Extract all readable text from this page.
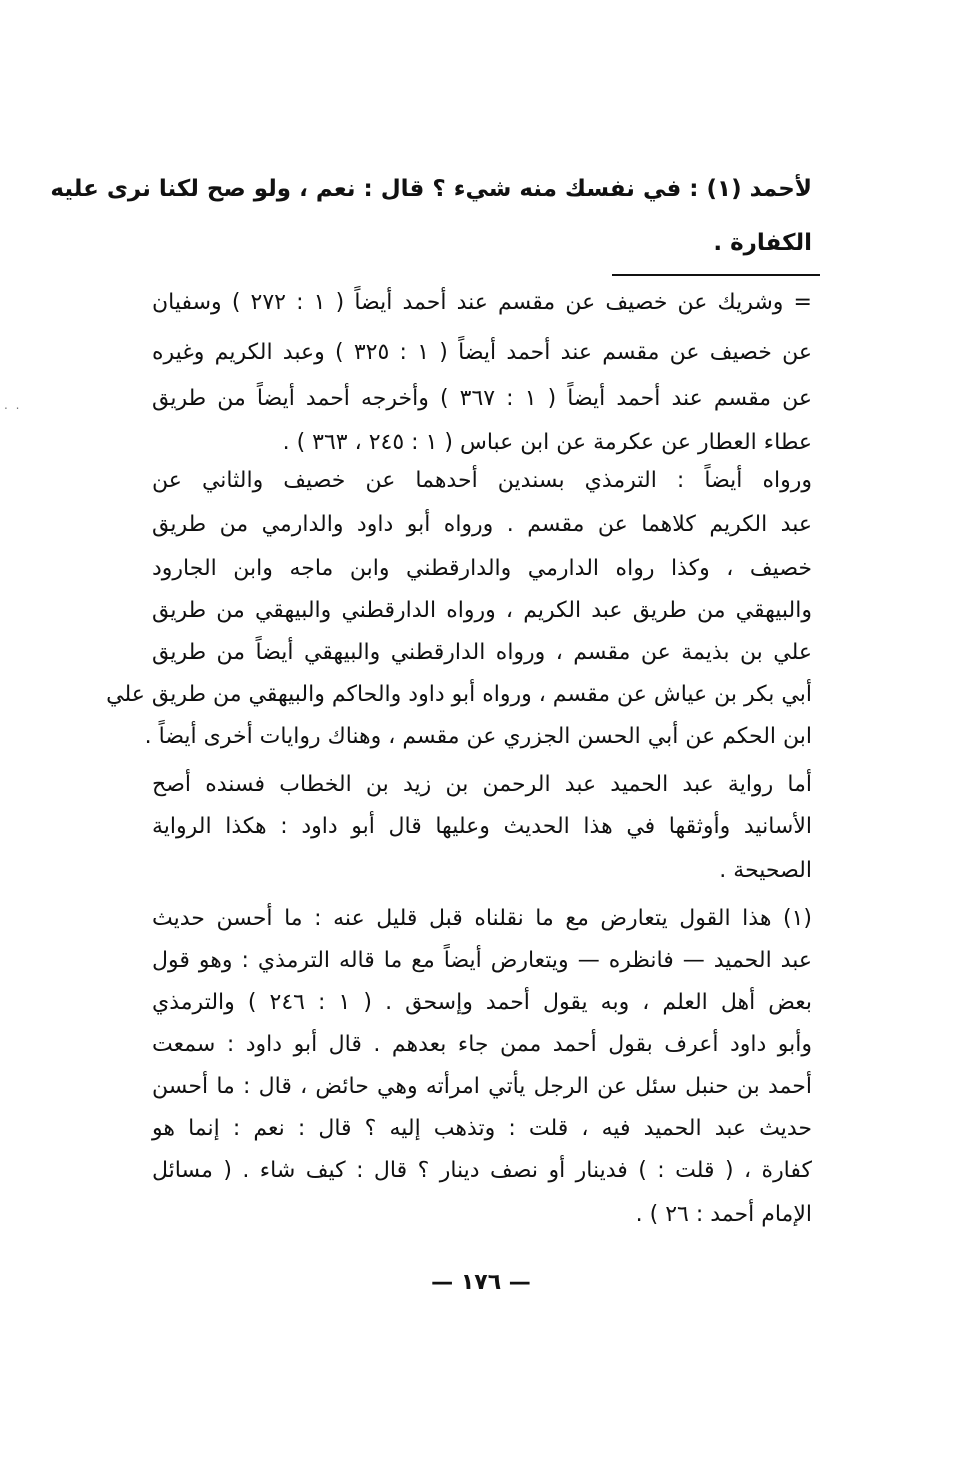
لأحمد (١) : في نفسك منه شيء ؟ قال : نعم ، ولو صح لكنا نرى عليه
الكفارة .
= وشريك عن خصيف عن مقسم عند أحمد أيضاً ( ١ : ٢٧٢ ) وسفيان
عن خصيف عن مقسم عند أحمد أيضاً ( ١ : ٣٢٥ ) وعبد الكريم وغيره
عن مقسم عند أحمد أيضاً ( ١ : ٣٦٧ ) وأخرجه أحمد أيضاً من طريق
عطاء العطار عن عكرمة عن ابن عباس ( ١ : ٢٤٥ ، ٣٦٣ ) .
ورواه أيضاً : الترمذي بسندين أحدهما عن خصيف والثاني عن
عبد الكريم كلاهما عن مقسم . ورواه أبو داود والدارمي من طريق
خصيف ، وكذا رواه الدارمي والدارقطني وابن ماجه وابن الجارود
والبيهقي من طريق عبد الكريم ، ورواه الدارقطني والبيهقي من طريق
علي بن بذيمة عن مقسم ، ورواه الدارقطني والبيهقي أيضاً من طريق
أبي بكر بن عياش عن مقسم ، ورواه أبو داود والحاكم والبيهقي من طريق علي
ابن الحكم عن أبي الحسن الجزري عن مقسم ، وهناك روايات أخرى أيضاً .
أما رواية عبد الحميد عبد الرحمن بن زيد بن الخطاب فسنده أصح
الأسانيد وأوثقها في هذا الحديث وعليها قال أبو داود : هكذا الرواية
الصحيحة .
(١) هذا القول يتعارض مع ما نقلناه قبل قليل عنه : ما أحسن حديث
عبد الحميد — فانظره — ويتعارض أيضاً مع ما قاله الترمذي : وهو قول
بعض أهل العلم ، وبه يقول أحمد وإسحق . ( ١ : ٢٤٦ ) والترمذي
وأبو داود أعرف بقول أحمد ممن جاء بعدهم . قال أبو داود : سمعت
أحمد بن حنبل سئل عن الرجل يأتي امرأته وهي حائض ، قال : ما أحسن
حديث عبد الحميد فيه ، قلت : وتذهب إليه ؟ قال : نعم : إنما هو
كفارة ، ( قلت : ) فدينار أو نصف دينار ؟ قال : كيف شاء . ( مسائل
الإمام أحمد : ٢٦ ) .
— ١٧٦ —
. .
